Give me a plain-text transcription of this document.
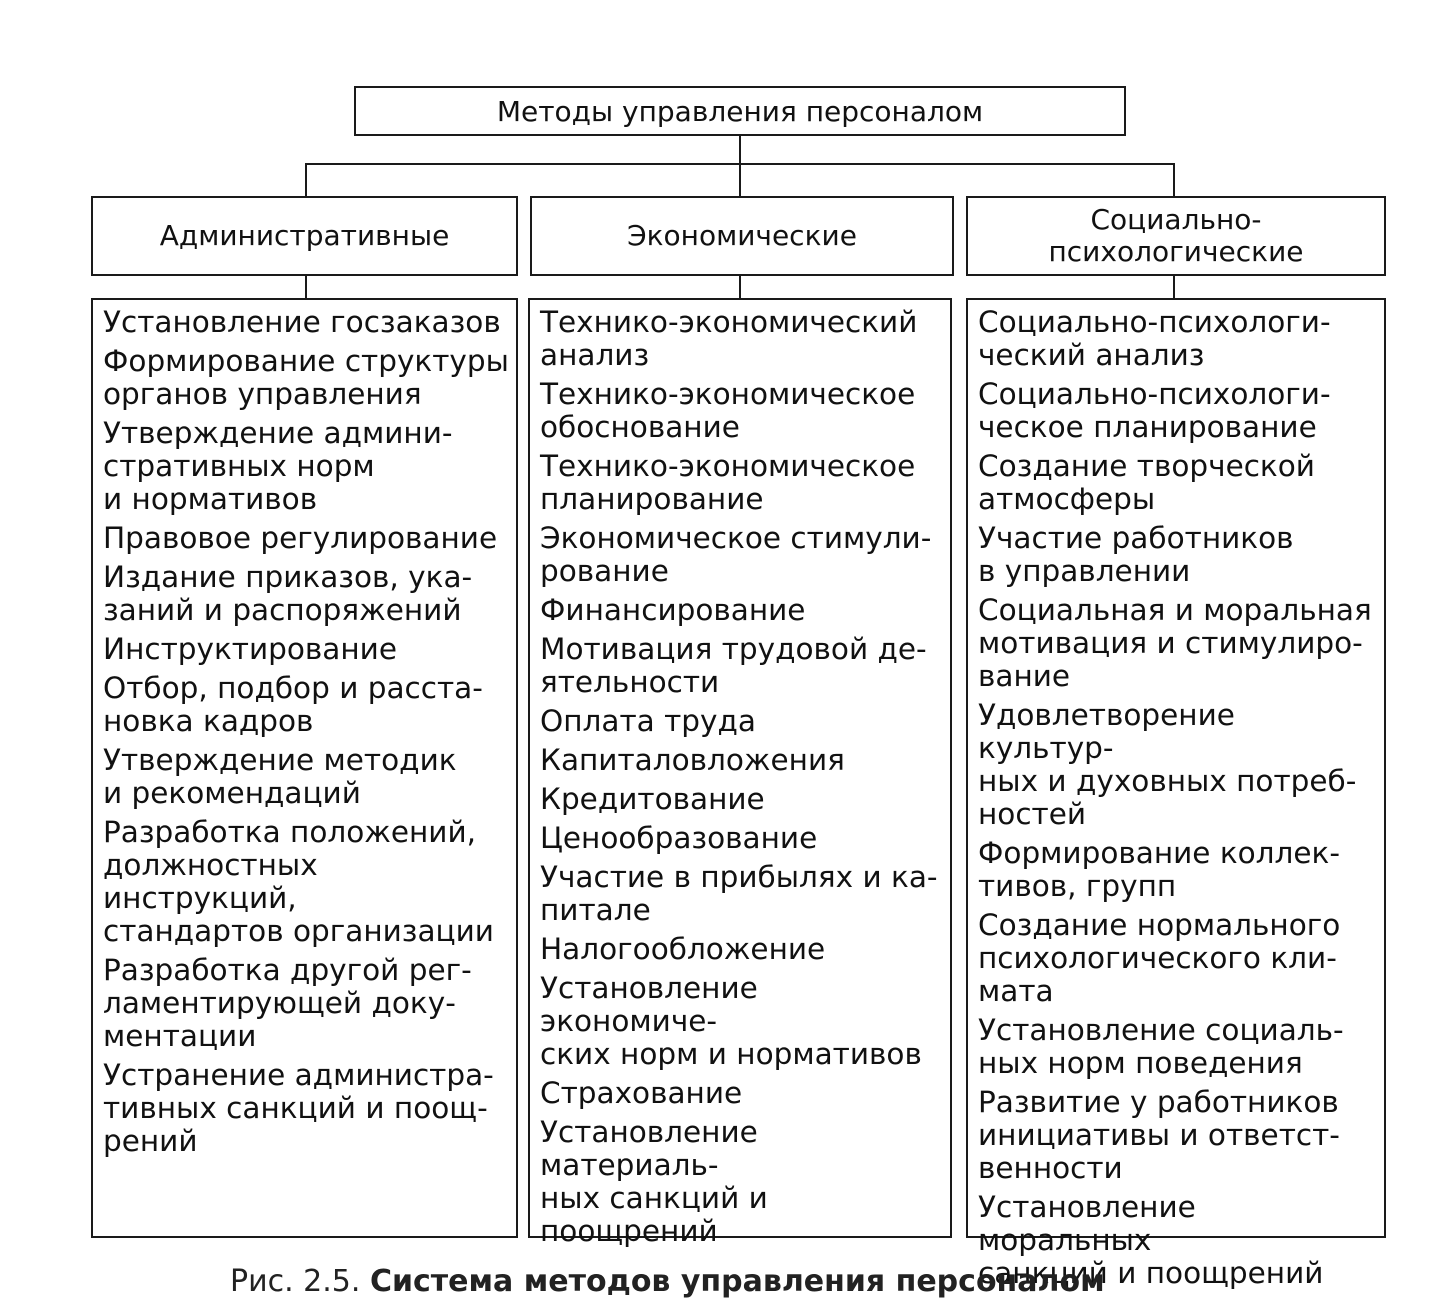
Методы управления персоналом
Административные	Экономические	Социально-
психологические
Установление госзаказов
Формирование структуры
органов управления
Утверждение админи-
стративных норм
и нормативов
Правовое регулирование
Издание приказов, ука-
заний и распоряжений
Инструктирование
Отбор, подбор и расста-
новка кадров
Утверждение методик
и рекомендаций
Разработка положений,
должностных инструкций,
стандартов организации
Разработка другой рег-
ламентирующей доку-
ментации
Устранение администра-
тивных санкций и поощ-
рений
Технико-экономический
анализ
Технико-экономическое
обоснование
Технико-экономическое
планирование
Экономическое стимули-
рование
Финансирование
Мотивация трудовой де-
ятельности
Оплата труда
Капиталовложения
Кредитование
Ценообразование
Участие в прибылях и ка-
питале
Налогообложение
Установление экономиче-
ских норм и нормативов
Страхование
Установление материаль-
ных санкций и поощрений
Социально-психологи-
ческий анализ
Социально-психологи-
ческое планирование
Создание творческой
атмосферы
Участие работников
в управлении
Социальная и моральная
мотивация и стимулиро-
вание
Удовлетворение культур-
ных и духовных потреб-
ностей
Формирование коллек-
тивов, групп
Создание нормального
психологического кли-
мата
Установление социаль-
ных норм поведения
Развитие у работников
инициативы и ответст-
венности
Установление моральных
санкций и поощрений
Рис. 2.5. Система методов управления персоналом
